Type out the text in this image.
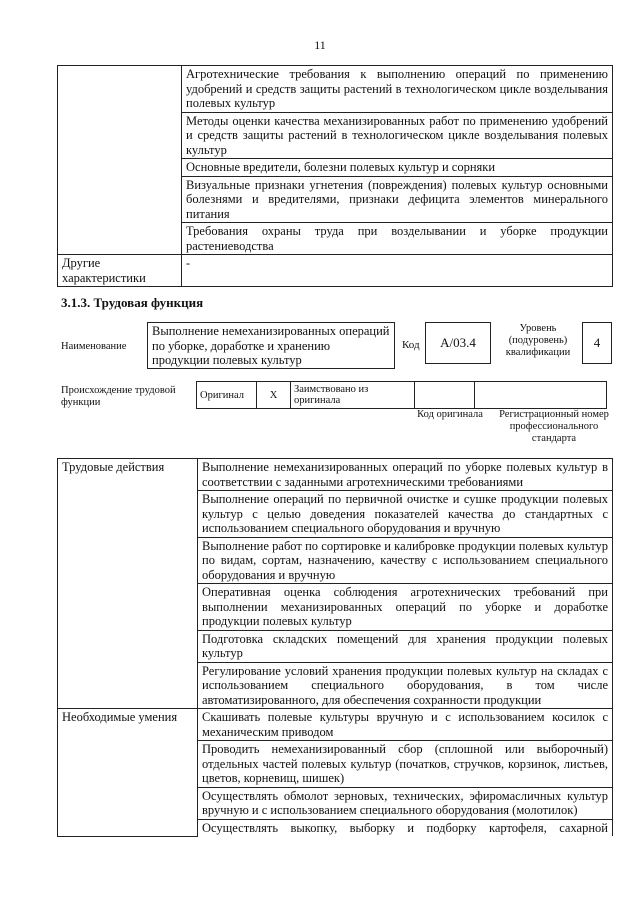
11
	Агротехнические требования к выполнению операций по применению удобрений и средств защиты растений в технологическом цикле возделывания полевых культур
	Методы оценки качества механизированных работ по применению удобрений и средств защиты растений в технологическом цикле возделывания полевых культур
	Основные вредители, болезни полевых культур и сорняки
	Визуальные признаки угнетения (повреждения) полевых культур основными болезнями и вредителями, признаки дефицита элементов минерального питания
	Требования охраны труда при возделывании и уборке продукции растениеводства
Другие характеристики	-
3.1.3. Трудовая функция
Наименование
Выполнение немеханизированных операций по уборке, доработке и хранению продукции полевых культур
Код	A/03.4
Уровень (подуровень) квалификации
4
Происхождение трудовой функции
Оригинал	X	Заимствовано из оригинала		
Код оригинала	Регистрационный номер профессионального стандарта
Трудовые действия	Выполнение немеханизированных операций по уборке полевых культур в соответствии с заданными агротехническими требованиями
	Выполнение операций по первичной очистке и сушке продукции полевых культур с целью доведения показателей качества до стандартных с использованием специального оборудования и вручную
	Выполнение работ по сортировке и калибровке продукции полевых культур по видам, сортам, назначению, качеству с использованием специального оборудования и вручную
	Оперативная оценка соблюдения агротехнических требований при выполнении механизированных операций по уборке и доработке продукции полевых культур
	Подготовка складских помещений для хранения продукции полевых культур
	Регулирование условий хранения продукции полевых культур на складах с использованием специального оборудования, в том числе автоматизированного, для обеспечения сохранности продукции
Необходимые умения	Скашивать полевые культуры вручную и с использованием косилок с механическим приводом
	Проводить немеханизированный сбор (сплошной или выборочный) отдельных частей полевых культур (початков, стручков, корзинок, листьев, цветов, корневищ, шишек)
	Осуществлять обмолот зерновых, технических, эфиромасличных культур вручную и с использованием специального оборудования (молотилок)
	Осуществлять выкопку, выборку и подборку картофеля, сахарной
